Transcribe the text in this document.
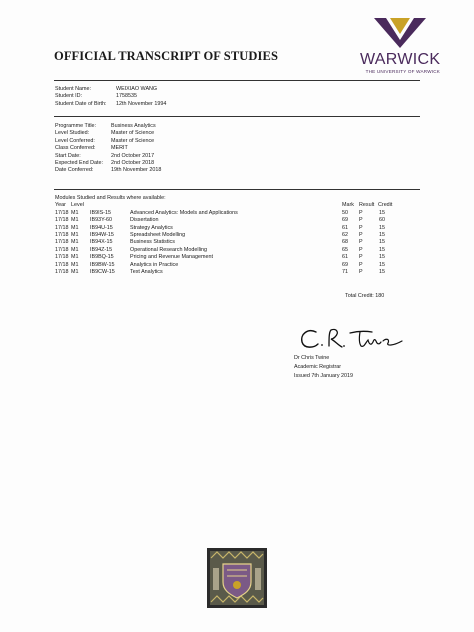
OFFICIAL TRANSCRIPT OF STUDIES	WARWICK
THE UNIVERSITY OF WARWICK
Student Name:	WEIXIAO WANG
Student ID:	1758535
Student Date of Birth: 12th November 1994
Programme Title:	Business Analytics
Level Studied:	Master of Science
Level Conferred:	Master of Science
Class Conferred:	MERIT
Start Date:	2nd October 2017
Expected End Date: 2nd October 2018
Date Conferred:	19th November 2018
Modules Studied and Results where available:
Year Level	Mark Result Credit
17/18 M1 IB9IS-15	Advanced Analytics: Models and Applications	50 P	15
17/18 M1 IB93Y-60	Dissertation	69 P	60
17/18 M1 IB94U-15	Strategy Analytics	61 P	15
17/18 M1 IB94W-15	Spreadsheet Modelling	62 P	15
17/18 M1 IB94X-15	Business Statistics	68 P	15
17/18 M1 IB94Z-15	Operational Research Modelling	65 P	15
17/18 M1 IB9BQ-15	Pricing and Revenue Management	61 P	15
17/18 M1 IB9BW-15	Analytics in Practice	69 P	15
17/18 M1 IB9CW-15	Text Analytics	71 P	15
Total Credit: 180
Dr Chris Twine
Academic Registrar
Issued 7th January 2019
